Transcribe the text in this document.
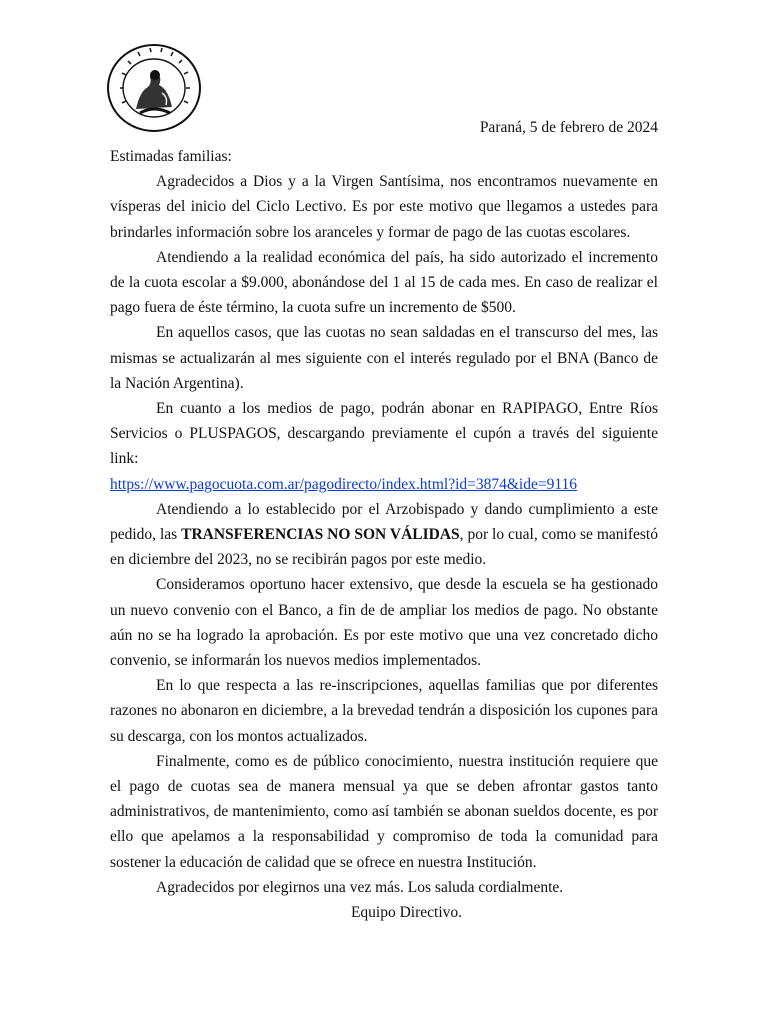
Paraná, 5 de febrero de 2024

Estimadas familias:

Agradecidos a Dios y a la Virgen Santísima, nos encontramos nuevamente en vísperas del inicio del Ciclo Lectivo. Es por este motivo que llegamos a ustedes para brindarles información sobre los aranceles y formar de pago de las cuotas escolares.

Atendiendo a la realidad económica del país, ha sido autorizado el incremento de la cuota escolar a $9.000, abonándose del 1 al 15 de cada mes. En caso de realizar el pago fuera de éste término, la cuota sufre un incremento de $500.

En aquellos casos, que las cuotas no sean saldadas en el transcurso del mes, las mismas se actualizarán al mes siguiente con el interés regulado por el BNA (Banco de la Nación Argentina).

En cuanto a los medios de pago, podrán abonar en RAPIPAGO, Entre Ríos Servicios o PLUSPAGOS, descargando previamente el cupón a través del siguiente link:

https://www.pagocuota.com.ar/pagodirecto/index.html?id=3874&ide=9116

Atendiendo a lo establecido por el Arzobispado y dando cumplimiento a este pedido, las TRANSFERENCIAS NO SON VÁLIDAS, por lo cual, como se manifestó en diciembre del 2023, no se recibirán pagos por este medio.

Consideramos oportuno hacer extensivo, que desde la escuela se ha gestionado un nuevo convenio con el Banco, a fin de de ampliar los medios de pago. No obstante aún no se ha logrado la aprobación. Es por este motivo que una vez concretado dicho convenio, se informarán los nuevos medios implementados.

En lo que respecta a las re-inscripciones, aquellas familias que por diferentes razones no abonaron en diciembre, a la brevedad tendrán a disposición los cupones para su descarga, con los montos actualizados.

Finalmente, como es de público conocimiento, nuestra institución requiere que el pago de cuotas sea de manera mensual ya que se deben afrontar gastos tanto administrativos, de mantenimiento, como así también se abonan sueldos docente, es por ello que apelamos a la responsabilidad y compromiso de toda la comunidad para sostener la educación de calidad que se ofrece en nuestra Institución.

Agradecidos por elegirnos una vez más. Los saluda cordialmente.

Equipo Directivo.
